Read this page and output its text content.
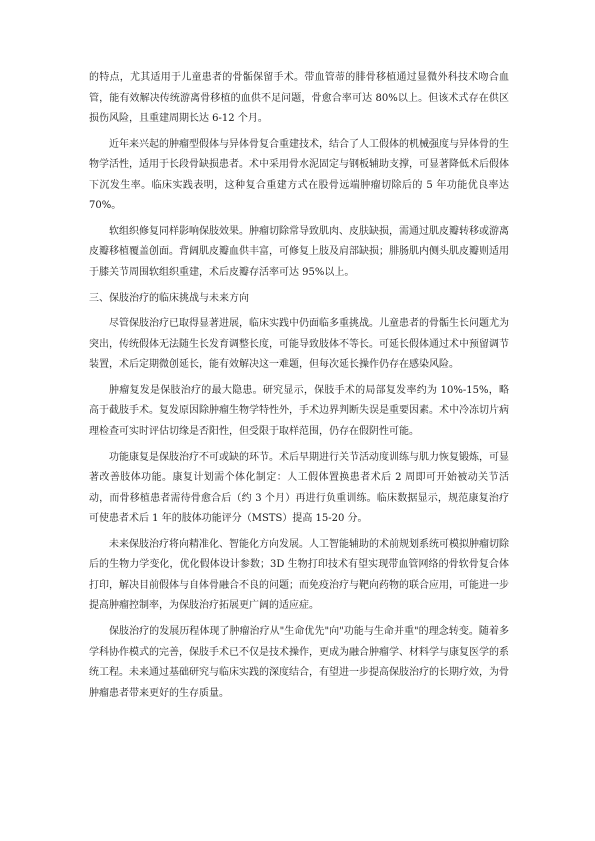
的特点，尤其适用于儿童患者的骨骺保留手术。带血管蒂的腓骨移植通过显微外科技术吻合血管，能有效解决传统游离骨移植的血供不足问题，骨愈合率可达 80%以上。但该术式存在供区损伤风险，且重建周期长达 6-12 个月。

近年来兴起的肿瘤型假体与异体骨复合重建技术，结合了人工假体的机械强度与异体骨的生物学活性，适用于长段骨缺损患者。术中采用骨水泥固定与钢板辅助支撑，可显著降低术后假体下沉发生率。临床实践表明，这种复合重建方式在股骨远端肿瘤切除后的 5 年功能优良率达 70%。

软组织修复同样影响保肢效果。肿瘤切除常导致肌肉、皮肤缺损，需通过肌皮瓣转移或游离皮瓣移植覆盖创面。背阔肌皮瓣血供丰富，可修复上肢及肩部缺损；腓肠肌内侧头肌皮瓣则适用于膝关节周围软组织重建，术后皮瓣存活率可达 95%以上。

三、保肢治疗的临床挑战与未来方向

尽管保肢治疗已取得显著进展，临床实践中仍面临多重挑战。儿童患者的骨骺生长问题尤为突出，传统假体无法随生长发育调整长度，可能导致肢体不等长。可延长假体通过术中预留调节装置，术后定期微创延长，能有效解决这一难题，但每次延长操作仍存在感染风险。

肿瘤复发是保肢治疗的最大隐患。研究显示，保肢手术的局部复发率约为 10%-15%，略高于截肢手术。复发原因除肿瘤生物学特性外，手术边界判断失误是重要因素。术中冷冻切片病理检查可实时评估切缘是否阳性，但受限于取样范围，仍存在假阴性可能。

功能康复是保肢治疗不可或缺的环节。术后早期进行关节活动度训练与肌力恢复锻炼，可显著改善肢体功能。康复计划需个体化制定：人工假体置换患者术后 2 周即可开始被动关节活动，而骨移植患者需待骨愈合后（约 3 个月）再进行负重训练。临床数据显示，规范康复治疗可使患者术后 1 年的肢体功能评分（MSTS）提高 15-20 分。

未来保肢治疗将向精准化、智能化方向发展。人工智能辅助的术前规划系统可模拟肿瘤切除后的生物力学变化，优化假体设计参数；3D 生物打印技术有望实现带血管网络的骨软骨复合体打印，解决目前假体与自体骨融合不良的问题；而免疫治疗与靶向药物的联合应用，可能进一步提高肿瘤控制率，为保肢治疗拓展更广阔的适应症。

保肢治疗的发展历程体现了肿瘤治疗从"生命优先"向"功能与生命并重"的理念转变。随着多学科协作模式的完善，保肢手术已不仅是技术操作，更成为融合肿瘤学、材料学与康复医学的系统工程。未来通过基础研究与临床实践的深度结合，有望进一步提高保肢治疗的长期疗效，为骨肿瘤患者带来更好的生存质量。
